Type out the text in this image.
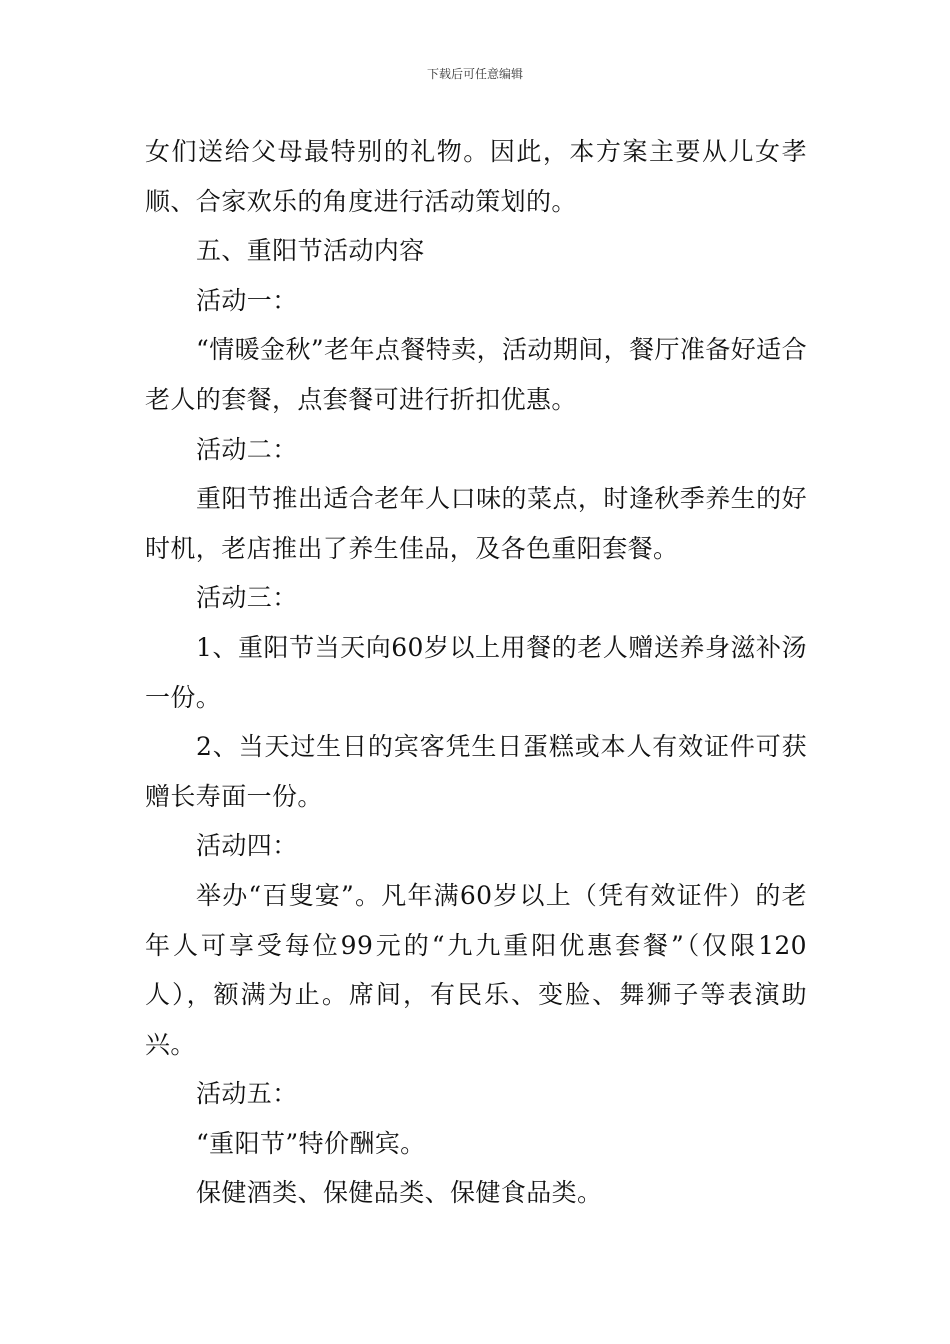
下载后可任意编辑

女们送给父母最特别的礼物。因此，本方案主要从儿女孝顺、合家欢乐的角度进行活动策划的。

五、重阳节活动内容

活动一：

“情暖金秋”老年点餐特卖，活动期间，餐厅准备好适合老人的套餐，点套餐可进行折扣优惠。

活动二：

重阳节推出适合老年人口味的菜点，时逢秋季养生的好时机，老店推出了养生佳品，及各色重阳套餐。

活动三：

1、重阳节当天向60岁以上用餐的老人赠送养身滋补汤一份。

2、当天过生日的宾客凭生日蛋糕或本人有效证件可获赠长寿面一份。

活动四：

举办“百叟宴”。凡年满60岁以上（凭有效证件）的老年人可享受每位99元的“九九重阳优惠套餐”（仅限120人），额满为止。席间，有民乐、变脸、舞狮子等表演助兴。

活动五：

“重阳节”特价酬宾。

保健酒类、保健品类、保健食品类。
